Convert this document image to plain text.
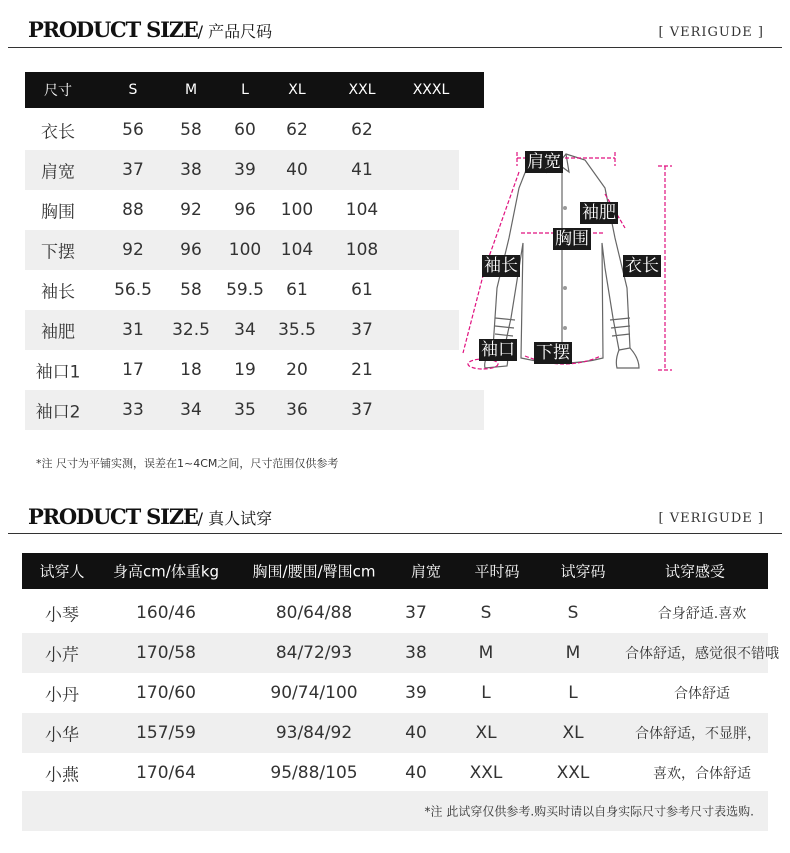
PRODUCT SIZE/ 产品尺码	[ VERIGUDE ]
尺寸	S	M	L	XL	XXL	XXXL
衣长	56 58 60 62	62
肩宽	37 38 39 40	41
胸围	88 92 96 100 104
下摆	92 96 100 104 108
袖长 56.5 58 59.5 61	61
袖肥	31 32.5 34 35.5 37
袖口1 17 18 19 20	21
袖口2 33 34 35 36	37
肩宽
袖肥
胸围
袖长	衣长
袖口 下摆
*注 尺寸为平铺实测，误差在1~4CM之间，尺寸范围仅供参考
PRODUCT SIZE/ 真人试穿	[ VERIGUDE ]
试穿人 身高cm/体重kg 胸围/腰围/臀围cm 肩宽 平时码	试穿码	试穿感受
小琴	160/46	80/64/88	37	S	S	合身舒适.喜欢
小芹	170/58	84/72/93	38	M	M	合体舒适，感觉很不错哦
小丹	170/60	90/74/100	39	L	L	合体舒适
小华	157/59	93/84/92	40	XL	XL	合体舒适，不显胖，
小燕	170/64	95/88/105	40	XXL	XXL	喜欢，合体舒适
*注 此试穿仅供参考.购买时请以自身实际尺寸参考尺寸表选购.
